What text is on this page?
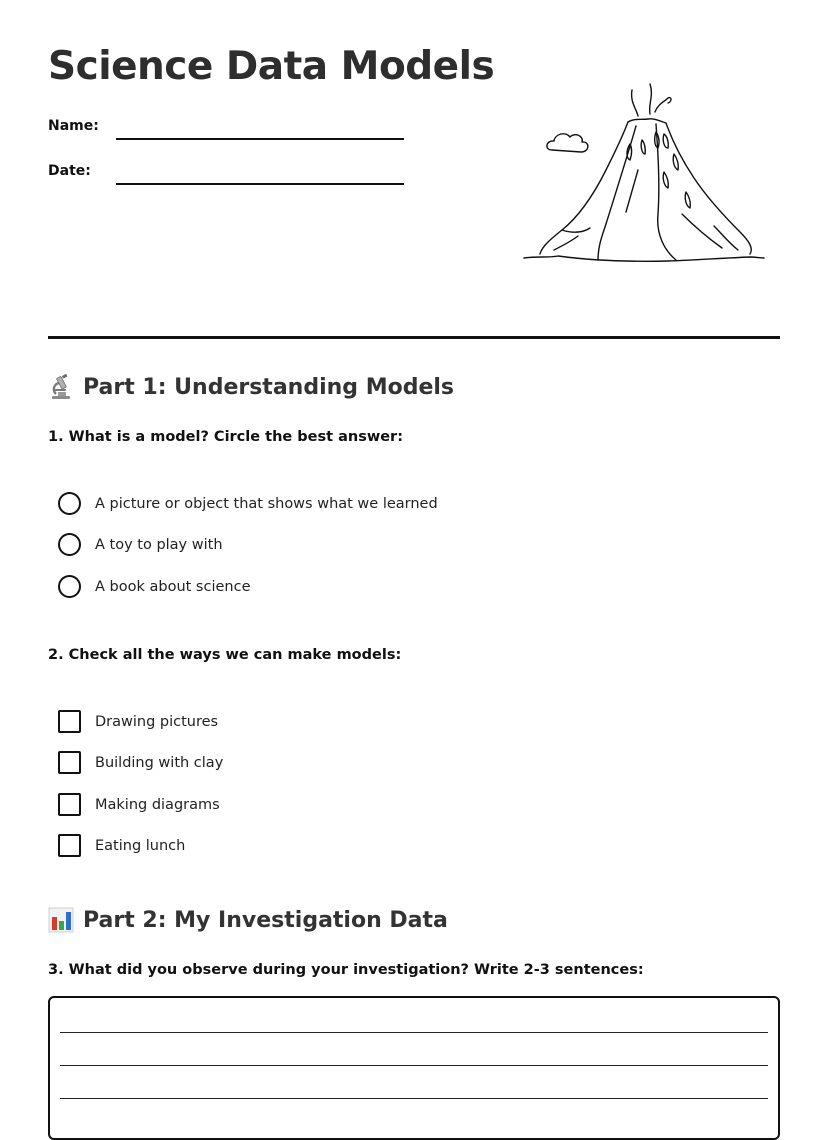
Science Data Models
Name:
Date:
Part 1: Understanding Models
1. What is a model? Circle the best answer:
A picture or object that shows what we learned
A toy to play with
A book about science
2. Check all the ways we can make models:
Drawing pictures
Building with clay
Making diagrams
Eating lunch
Part 2: My Investigation Data
3. What did you observe during your investigation? Write 2-3 sentences:
